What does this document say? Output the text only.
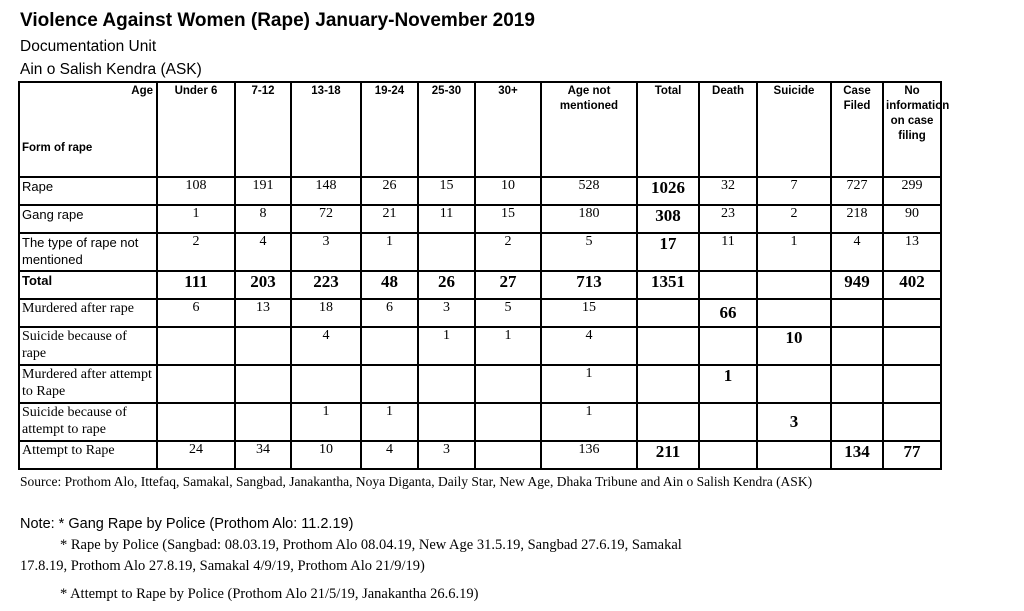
Violence Against Women (Rape) January-November 2019
Documentation Unit
Ain o Salish Kendra (ASK)
Age
Form of rape	Under 6	7-12	13-18	19-24	25-30	30+	Age not mentioned	Total	Death	Suicide	Case Filed	No information on case filing
Rape	108	191	148	26	15	10	528	1026	32	7	727	299
Gang rape	1	8	72	21	11	15	180	308	23	2	218	90
The type of rape not mentioned	2	4	3	1		2	5	17	11	1	4	13
Total	111	203	223	48	26	27	713	1351			949	402
Murdered after rape	6	13	18	6	3	5	15		66			
Suicide because of rape			4		1	1	4			10		
Murdered after attempt to Rape							1		1			
Suicide because of attempt to rape			1	1			1			3		
Attempt to Rape	24	34	10	4	3		136	211			134	77
Source: Prothom Alo, Ittefaq, Samakal, Sangbad, Janakantha, Noya Diganta, Daily Star, New Age, Dhaka Tribune and Ain o Salish Kendra (ASK)
Note: * Gang Rape by Police (Prothom Alo: 11.2.19)
* Rape by Police (Sangbad: 08.03.19, Prothom Alo 08.04.19, New Age 31.5.19, Sangbad 27.6.19, Samakal
17.8.19, Prothom Alo 27.8.19, Samakal 4/9/19, Prothom Alo 21/9/19)
* Attempt to Rape by Police (Prothom Alo 21/5/19, Janakantha 26.6.19)
